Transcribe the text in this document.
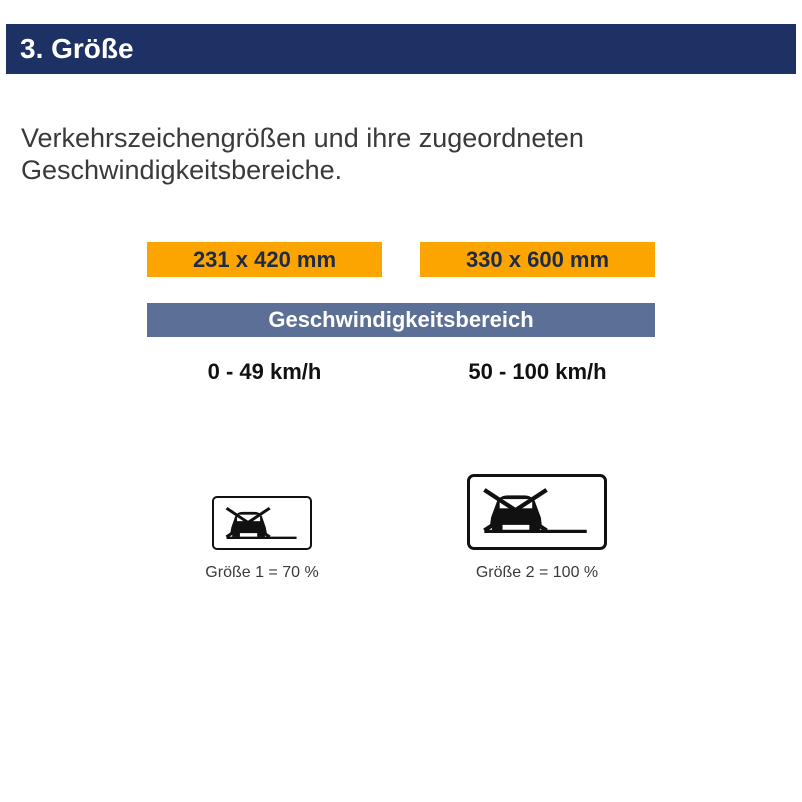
3. Größe
Verkehrszeichengrößen und ihre zugeordneten
Geschwindigkeitsbereiche.
231 x 420 mm	330 x 600 mm
Geschwindigkeitsbereich
0 - 49 km/h	50 - 100 km/h
Größe 1 = 70 %	Größe 2 = 100 %
